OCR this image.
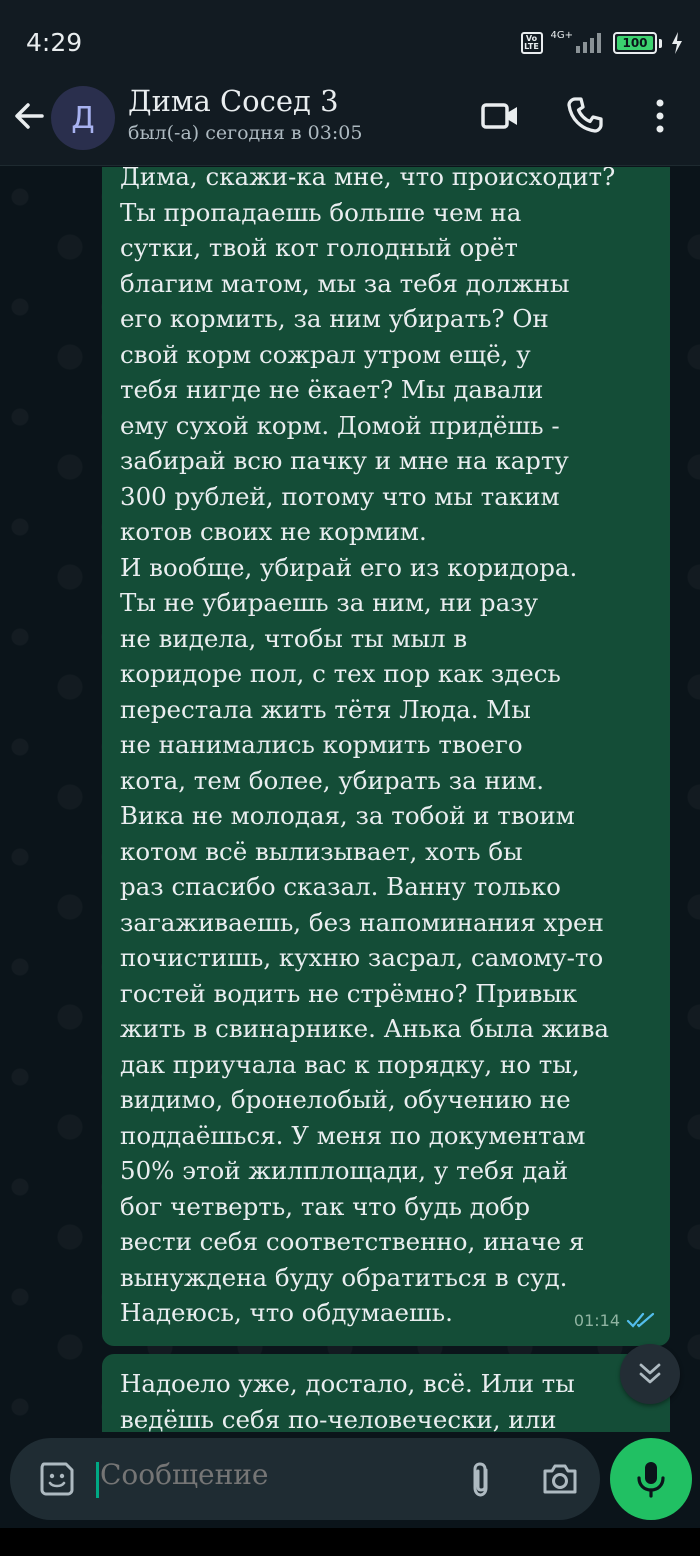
4:29	Vo
LTE
4G+
100
Д Дима Сосед 3
был(-а) сегодня в 03:05
Дима, скажи-ка мне, что происходит?
Ты пропадаешь больше чем на
сутки, твой кот голодный орёт
благим матом, мы за тебя должны
его кормить, за ним убирать? Он
свой корм сожрал утром ещё, у
тебя нигде не ёкает? Мы давали
ему сухой корм. Домой придёшь -
забирай всю пачку и мне на карту
300 рублей, потому что мы таким
котов своих не кормим.
И вообще, убирай его из коридора.
Ты не убираешь за ним, ни разу
не видела, чтобы ты мыл в
коридоре пол, с тех пор как здесь
перестала жить тётя Люда. Мы
не нанимались кормить твоего
кота, тем более, убирать за ним.
Вика не молодая, за тобой и твоим
котом всё вылизывает, хоть бы
раз спасибо сказал. Ванну только
загаживаешь, без напоминания хрен
почистишь, кухню засрал, самому-то
гостей водить не стрёмно? Привык
жить в свинарнике. Анька была жива
дак приучала вас к порядку, но ты,
видимо, бронелобый, обучению не
поддаёшься. У меня по документам
50% этой жилплощади, у тебя дай
бог четверть, так что будь добр
вести себя соответственно, иначе я
вынуждена буду обратиться в суд.
Надеюсь, что обдумаешь.	01:14
Надоело уже, достало, всё. Или ты
ведёшь себя по-человечески, или
Сообщение
